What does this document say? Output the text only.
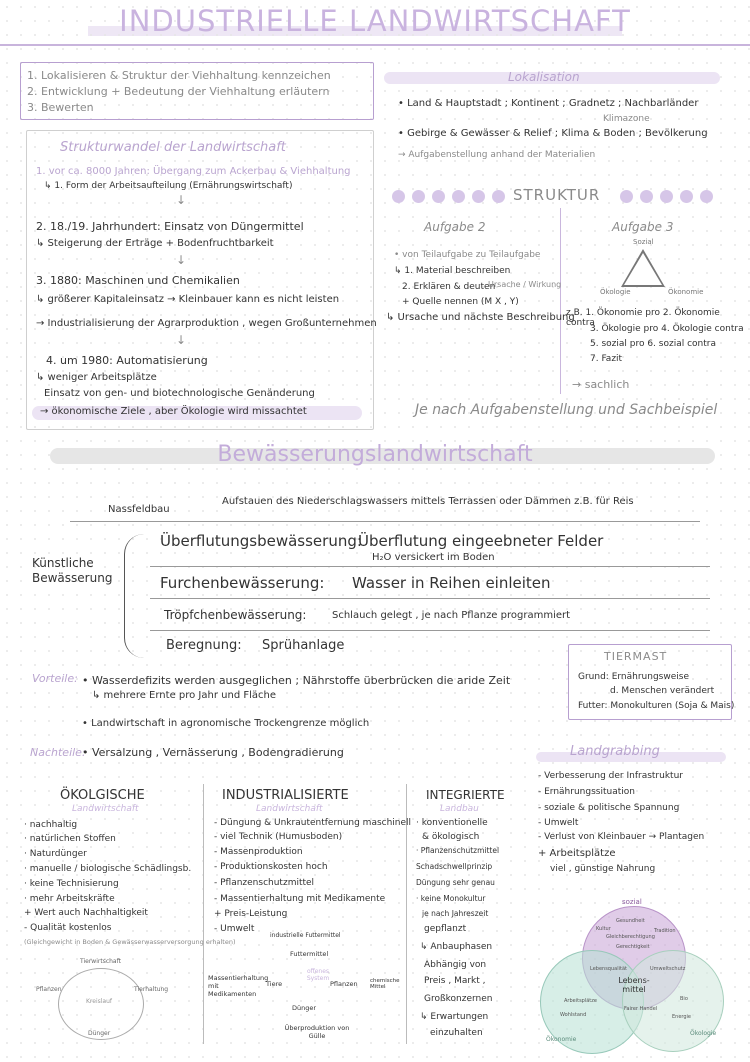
INDUSTRIELLE LANDWIRTSCHAFT
1. Lokalisieren & Struktur der Viehhaltung kennzeichen
2. Entwicklung + Bedeutung der Viehhaltung erläutern
3. Bewerten
Lokalisation
• Land & Hauptstadt ; Kontinent ; Gradnetz ; Nachbarländer
Klimazone
• Gebirge & Gewässer & Relief ; Klima & Boden ; Bevölkerung
→ Aufgabenstellung anhand der Materialien
Strukturwandel der Landwirtschaft
1. vor ca. 8000 Jahren: Übergang zum Ackerbau & Viehhaltung
↳ 1. Form der Arbeitsaufteilung (Ernährungswirtschaft)
↓
2. 18./19. Jahrhundert: Einsatz von Düngermittel
↳ Steigerung der Erträge + Bodenfruchtbarkeit
↓
3. 1880: Maschinen und Chemikalien
↳ größerer Kapitaleinsatz → Kleinbauer kann es nicht leisten
→ Industrialisierung der Agrarproduktion , wegen Großunternehmen
↓
4. um 1980: Automatisierung
↳ weniger Arbeitsplätze
Einsatz von gen- und biotechnologische Genänderung
→ ökonomische Ziele , aber Ökologie wird missachtet
STRUKTUR
Aufgabe 2
• von Teilaufgabe zu Teilaufgabe
↳ 1. Material beschreiben
2. Erklären & deuten
Ursache / Wirkung
+ Quelle nennen (M X , Y)
↳ Ursache und nächste Beschreibung
Aufgabe 3
Sozial
Ökologie	Ökonomie
z.B. 1. Ökonomie pro 2. Ökonomie contra
3. Ökologie pro 4. Ökologie contra
5. sozial pro 6. sozial contra
7. Fazit
→ sachlich
Je nach Aufgabenstellung und Sachbeispiel
Bewässerungslandwirtschaft
Nassfeldbau
Aufstauen des Niederschlagswassers mittels Terrassen oder Dämmen z.B. für Reis
Künstliche Bewässerung
Überflutungsbewässerung:
Überflutung eingeebneter Felder
H₂O versickert im Boden
Furchenbewässerung: Wasser in Reihen einleiten
Tröpfchenbewässerung:	Schlauch gelegt , je nach Pflanze programmiert
Beregnung: Sprühanlage
Vorteile: • Wasserdefizits werden ausgeglichen ; Nährstoffe überbrücken die aride Zeit
↳ mehrere Ernte pro Jahr und Fläche
• Landwirtschaft in agronomische Trockengrenze möglich
Nachteile:
• Versalzung , Vernässerung , Bodengradierung
TIERMAST
Grund: Ernährungsweise
d. Menschen verändert
Futter: Monokulturen (Soja & Mais)
Landgrabbing
- Verbesserung der Infrastruktur
- Ernährungssituation
- soziale & politische Spannung
- Umwelt
- Verlust von Kleinbauer → Plantagen
+ Arbeitsplätze
viel , günstige Nahrung
ÖKOLGISCHE
Landwirtschaft
· nachhaltig
· natürlichen Stoffen
· Naturdünger
· manuelle / biologische Schädlingsb.
· keine Technisierung
· mehr Arbeitskräfte
+ Wert auch Nachhaltigkeit
- Qualität kostenlos
(Gleichgewicht in Boden & Gewässerwasserversorgung erhalten)
Tierwirtschaft
Tierhaltung
Pflanzen
Dünger
Kreislauf
INDUSTRIALISIERTE
Landwirtschaft
- Düngung & Unkrautentfernung maschinell
- viel Technik (Humusboden)
- Massenproduktion
- Produktionskosten hoch
- Pflanzenschutzmittel
- Massentierhaltung mit Medikamente
+ Preis-Leistung
- Umwelt
industrielle Futtermittel
Futtermittel
offenes System
Massentierhaltung mit Medikamenten
Tiere	Pflanzen chemische Mittel
Dünger
Überproduktion von Gülle
INTEGRIERTE
Landbau
· konventionelle
& ökologisch
· Pflanzenschutzmittel
Schadschwellprinzip
Düngung sehr genau
· keine Monokultur
je nach Jahreszeit
gepflanzt
↳ Anbauphasen
Abhängig von
Preis , Markt ,
Großkonzernen
↳ Erwartungen
einzuhalten
sozial
Ökonomie
Ökologie
Lebens- mittel
Gesundheit
Kultur	Tradition
Gleichberechtigung
Gerechtigkeit
Lebensqualität
Arbeitsplätze
Wohlstand
Umweltschutz
Fairer Handel
Bio
Energie
